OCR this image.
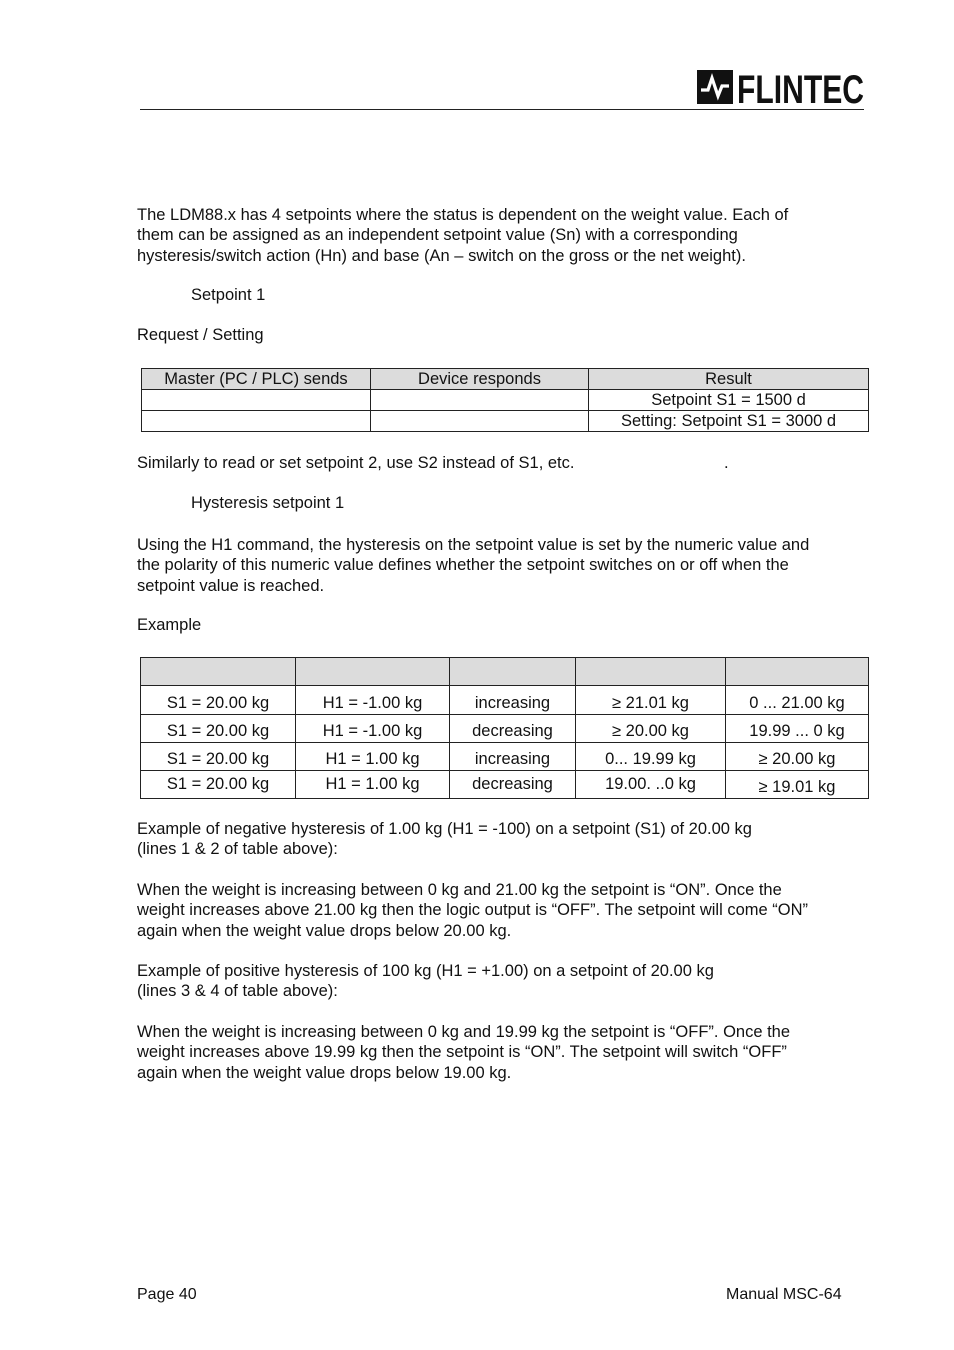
FLINTEC

The LDM88.x has 4 setpoints where the status is dependent on the weight value. Each of
them can be assigned as an independent setpoint value (Sn) with a corresponding
hysteresis/switch action (Hn) and base (An – switch on the gross or the net weight).

Setpoint 1
Request / Setting
Master (PC / PLC) sends	Device responds	Result
		Setpoint S1 = 1500 d
		Setting: Setpoint S1 = 3000 d
Similarly to read or set setpoint 2, use S2 instead of S1, etc.	.
Hysteresis setpoint 1

Using the H1 command, the hysteresis on the setpoint value is set by the numeric value and
the polarity of this numeric value defines whether the setpoint switches on or off when the
setpoint value is reached.

Example

S1 = 20.00 kg	H1 = -1.00 kg	increasing	≥ 21.01 kg	0 ... 21.00 kg
S1 = 20.00 kg	H1 = -1.00 kg	decreasing	≥ 20.00 kg	19.99 ... 0 kg
S1 = 20.00 kg	H1 = 1.00 kg	increasing	0... 19.99 kg	≥ 20.00 kg
S1 = 20.00 kg	H1 = 1.00 kg	decreasing	19.00. ..0 kg	≥ 19.01 kg

Example of negative hysteresis of 1.00 kg (H1 = -100) on a setpoint (S1) of 20.00 kg
(lines 1 & 2 of table above):

When the weight is increasing between 0 kg and 21.00 kg the setpoint is “ON”. Once the
weight increases above 21.00 kg then the logic output is “OFF”. The setpoint will come “ON”
again when the weight value drops below 20.00 kg.

Example of positive hysteresis of 100 kg (H1 = +1.00) on a setpoint of 20.00 kg
(lines 3 & 4 of table above):

When the weight is increasing between 0 kg and 19.99 kg the setpoint is “OFF”. Once the
weight increases above 19.99 kg then the setpoint is “ON”. The setpoint will switch “OFF”
again when the weight value drops below 19.00 kg.

Page 40	Manual MSC-64
